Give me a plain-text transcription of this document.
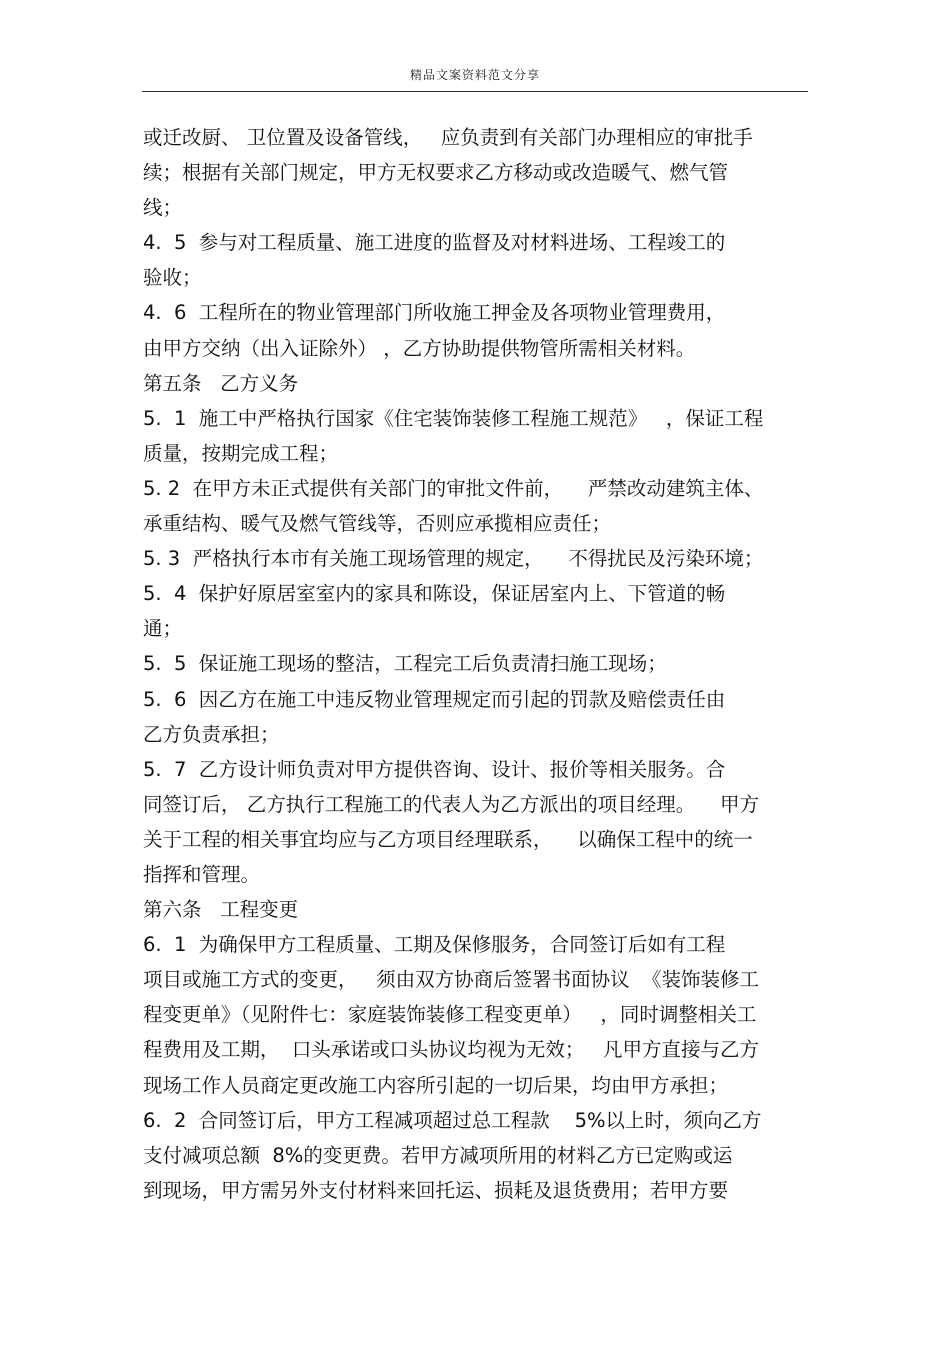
精品文案资料范文分享
或迁改厨、 卫位置及设备管线，   应负责到有关部门办理相应的审批手
续；根据有关部门规定，甲方无权要求乙方移动或改造暖气、燃气管
线；
4.  5  参与对工程质量、施工进度的监督及对材料进场、工程竣工的
验收；
4.  6  工程所在的物业管理部门所收施工押金及各项物业管理费用，
由甲方交纳（出入证除外） ，乙方协助提供物管所需相关材料。
第五条   乙方义务
5.  1  施工中严格执行国家《住宅装饰装修工程施工规范》   ，保证工程
质量，按期完成工程；
5. 2  在甲方未正式提供有关部门的审批文件前，    严禁改动建筑主体、
承重结构、暖气及燃气管线等，否则应承揽相应责任；
5. 3  严格执行本市有关施工现场管理的规定，    不得扰民及污染环境；
5.  4  保护好原居室室内的家具和陈设，保证居室内上、下管道的畅
通；
5.  5  保证施工现场的整洁，工程完工后负责清扫施工现场；
5.  6  因乙方在施工中违反物业管理规定而引起的罚款及赔偿责任由
乙方负责承担；
5.  7  乙方设计师负责对甲方提供咨询、设计、报价等相关服务。合
同签订后， 乙方执行工程施工的代表人为乙方派出的项目经理。    甲方
关于工程的相关事宜均应与乙方项目经理联系，    以确保工程中的统一
指挥和管理。
第六条   工程变更
6.  1  为确保甲方工程质量、工期及保修服务，合同签订后如有工程
项目或施工方式的变更，   须由双方协商后签署书面协议  《装饰装修工
程变更单》（见附件七：家庭装饰装修工程变更单）   ，同时调整相关工
程费用及工期，  口头承诺或口头协议均视为无效；   凡甲方直接与乙方
现场工作人员商定更改施工内容所引起的一切后果，均由甲方承担；
6.  2  合同签订后，甲方工程减项超过总工程款    5%以上时，须向乙方
支付减项总额  8%的变更费。若甲方减项所用的材料乙方已定购或运
到现场，甲方需另外支付材料来回托运、损耗及退货费用；若甲方要
